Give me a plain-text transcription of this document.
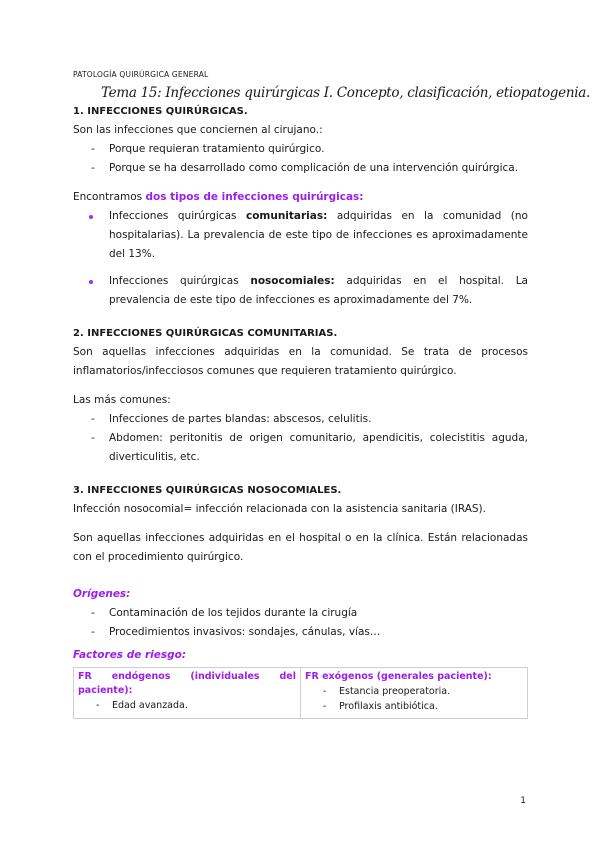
PATOLOGÍA QUIRÚRGICA GENERAL
Tema 15: Infecciones quirúrgicas I. Concepto, clasificación, etiopatogenia.
1. INFECCIONES QUIRÚRGICAS.

Son las infecciones que conciernen al cirujano.:

- Porque requieran tratamiento quirúrgico.
- Porque se ha desarrollado como complicación de una intervención quirúrgica.

Encontramos dos tipos de infecciones quirúrgicas:

Infecciones quirúrgicas comunitarias: adquiridas en la comunidad (no hospitalarias). La prevalencia de este tipo de infecciones es aproximadamente del 13%.
Infecciones quirúrgicas nosocomiales: adquiridas en el hospital. La prevalencia de este tipo de infecciones es aproximadamente del 7%.
2. INFECCIONES QUIRÚRGICAS COMUNITARIAS.

Son aquellas infecciones adquiridas en la comunidad. Se trata de procesos inflamatorios/infecciosos comunes que requieren tratamiento quirúrgico.

Las más comunes:

- Infecciones de partes blandas: abscesos, celulitis.
- Abdomen: peritonitis de origen comunitario, apendicitis, colecistitis aguda, diverticulitis, etc.
3. INFECCIONES QUIRÚRGICAS NOSOCOMIALES.

Infección nosocomial= infección relacionada con la asistencia sanitaria (IRAS).

Son aquellas infecciones adquiridas en el hospital o en la clínica. Están relacionadas con el procedimiento quirúrgico.

Orígenes:

- Contaminación de los tejidos durante la cirugía
- Procedimientos invasivos: sondajes, cánulas, vías…

Factores de riesgo:

FR endógenos (individuales del paciente):
- Edad avanzada.

FR exógenos (generales paciente):
- Estancia preoperatoria.
- Profilaxis antibiótica.
1
